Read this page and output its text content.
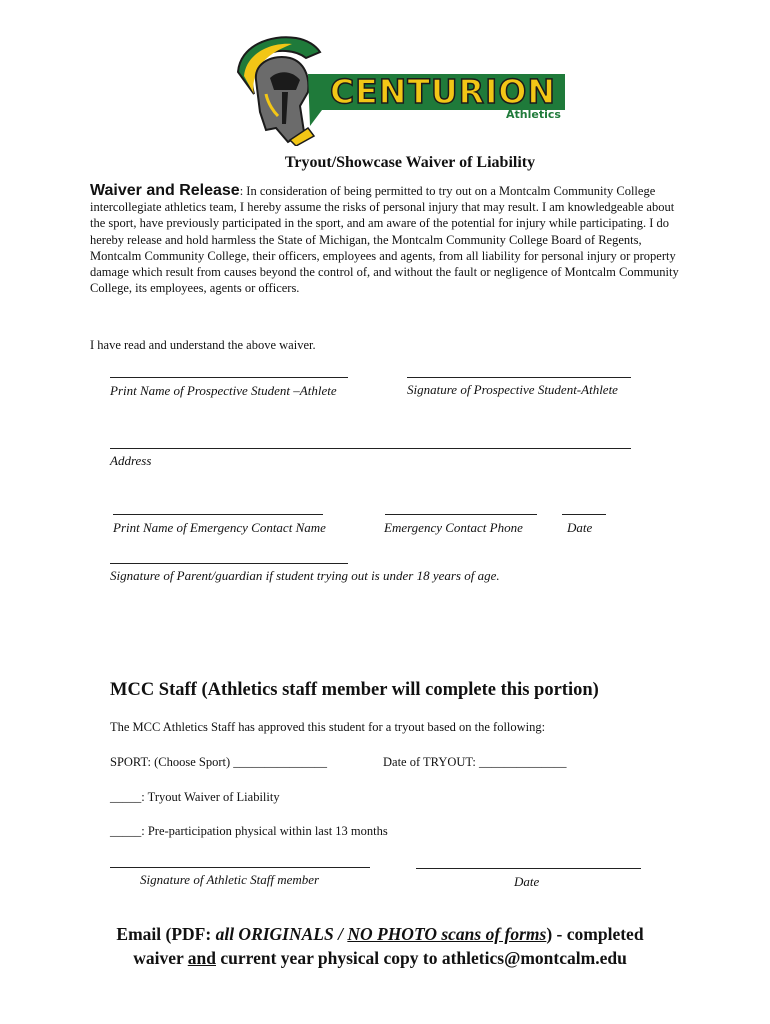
CENTURION
Athletics
Tryout/Showcase Waiver of Liability
Waiver and Release: In consideration of being permitted to try out on a Montcalm Community College intercollegiate athletics team, I hereby assume the risks of personal injury that may result. I am knowledgeable about the sport, have previously participated in the sport, and am aware of the potential for injury while participating. I do hereby release and hold harmless the State of Michigan, the Montcalm Community College Board of Regents, Montcalm Community College, their officers, employees and agents, from all liability for personal injury or property damage which result from causes beyond the control of, and without the fault or negligence of Montcalm Community College, its employees, agents or officers.
I have read and understand the above waiver.
Print Name of Prospective Student –Athlete	Signature of Prospective Student-Athlete
Address
Print Name of Emergency Contact Name	Emergency Contact Phone	Date
Signature of Parent/guardian if student trying out is under 18 years of age.
MCC Staff (Athletics staff member will complete this portion)
The MCC Athletics Staff has approved this student for a tryout based on the following:
SPORT: (Choose Sport) _______________	Date of TRYOUT: ______________
_____: Tryout Waiver of Liability
_____: Pre-participation physical within last 13 months
Signature of Athletic Staff member	Date
Email (PDF: all ORIGINALS / NO PHOTO scans of forms) - completed
waiver and current year physical copy to athletics@montcalm.edu
